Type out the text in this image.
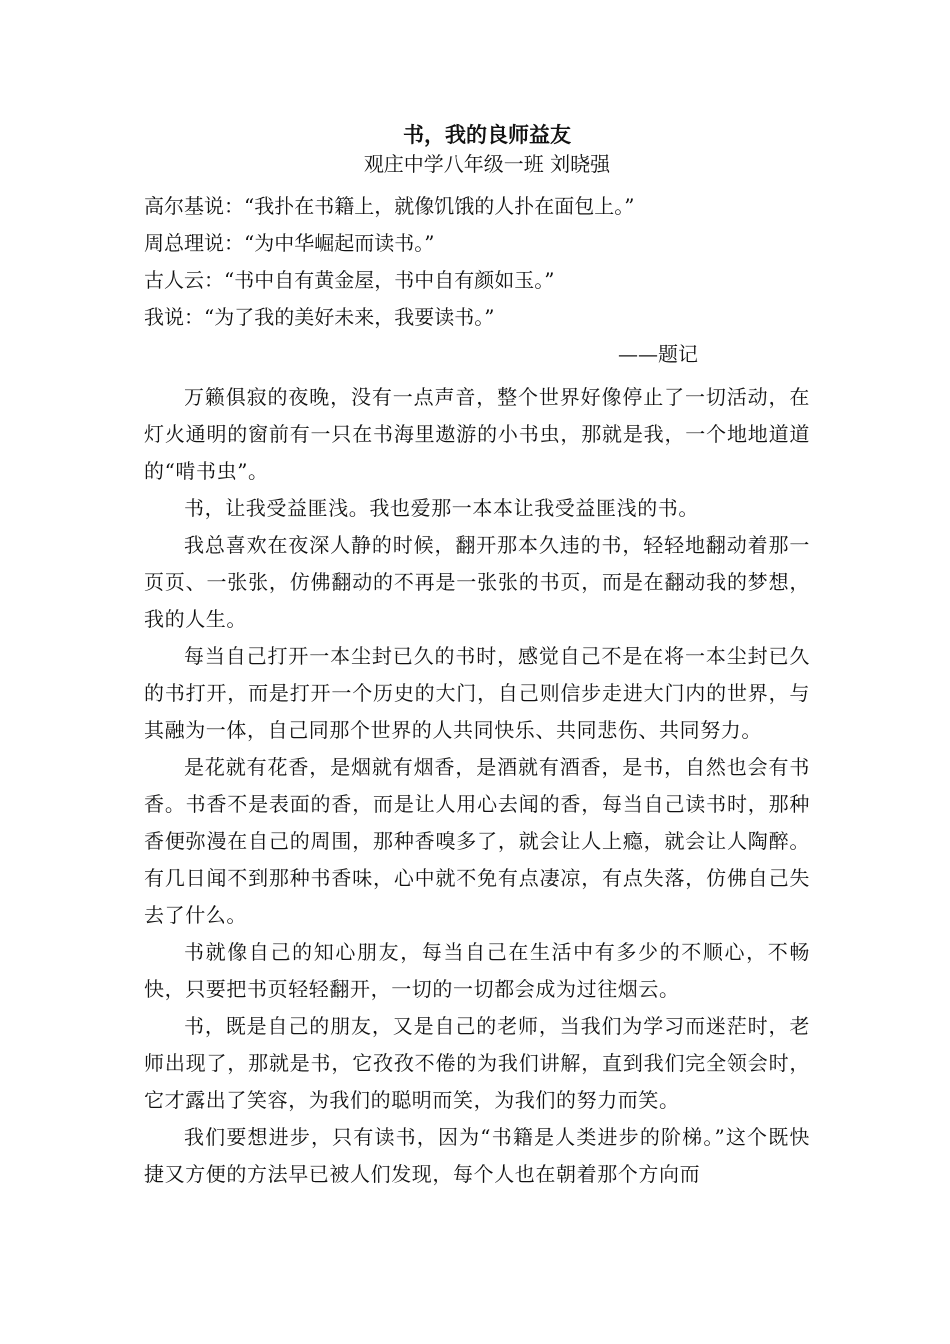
书，我的良师益友
观庄中学八年级一班 刘晓强

高尔基说：“我扑在书籍上，就像饥饿的人扑在面包上。”

周总理说：“为中华崛起而读书。”

古人云：“书中自有黄金屋，书中自有颜如玉。”

我说：“为了我的美好未来，我要读书。”

——题记

万籁俱寂的夜晚，没有一点声音，整个世界好像停止了一切活动，在灯火通明的窗前有一只在书海里遨游的小书虫，那就是我，一个地地道道的“啃书虫”。

书，让我受益匪浅。我也爱那一本本让我受益匪浅的书。

我总喜欢在夜深人静的时候，翻开那本久违的书，轻轻地翻动着那一页页、一张张，仿佛翻动的不再是一张张的书页，而是在翻动我的梦想，我的人生。

每当自己打开一本尘封已久的书时，感觉自己不是在将一本尘封已久的书打开，而是打开一个历史的大门，自己则信步走进大门内的世界，与其融为一体，自己同那个世界的人共同快乐、共同悲伤、共同努力。

是花就有花香，是烟就有烟香，是酒就有酒香，是书，自然也会有书香。书香不是表面的香，而是让人用心去闻的香，每当自己读书时，那种香便弥漫在自己的周围，那种香嗅多了，就会让人上瘾，就会让人陶醉。有几日闻不到那种书香味，心中就不免有点凄凉，有点失落，仿佛自己失去了什么。

书就像自己的知心朋友，每当自己在生活中有多少的不顺心，不畅快，只要把书页轻轻翻开，一切的一切都会成为过往烟云。

书，既是自己的朋友，又是自己的老师，当我们为学习而迷茫时，老师出现了，那就是书，它孜孜不倦的为我们讲解，直到我们完全领会时，它才露出了笑容，为我们的聪明而笑，为我们的努力而笑。

我们要想进步，只有读书，因为“书籍是人类进步的阶梯。”这个既快捷又方便的方法早已被人们发现，每个人也在朝着那个方向而
